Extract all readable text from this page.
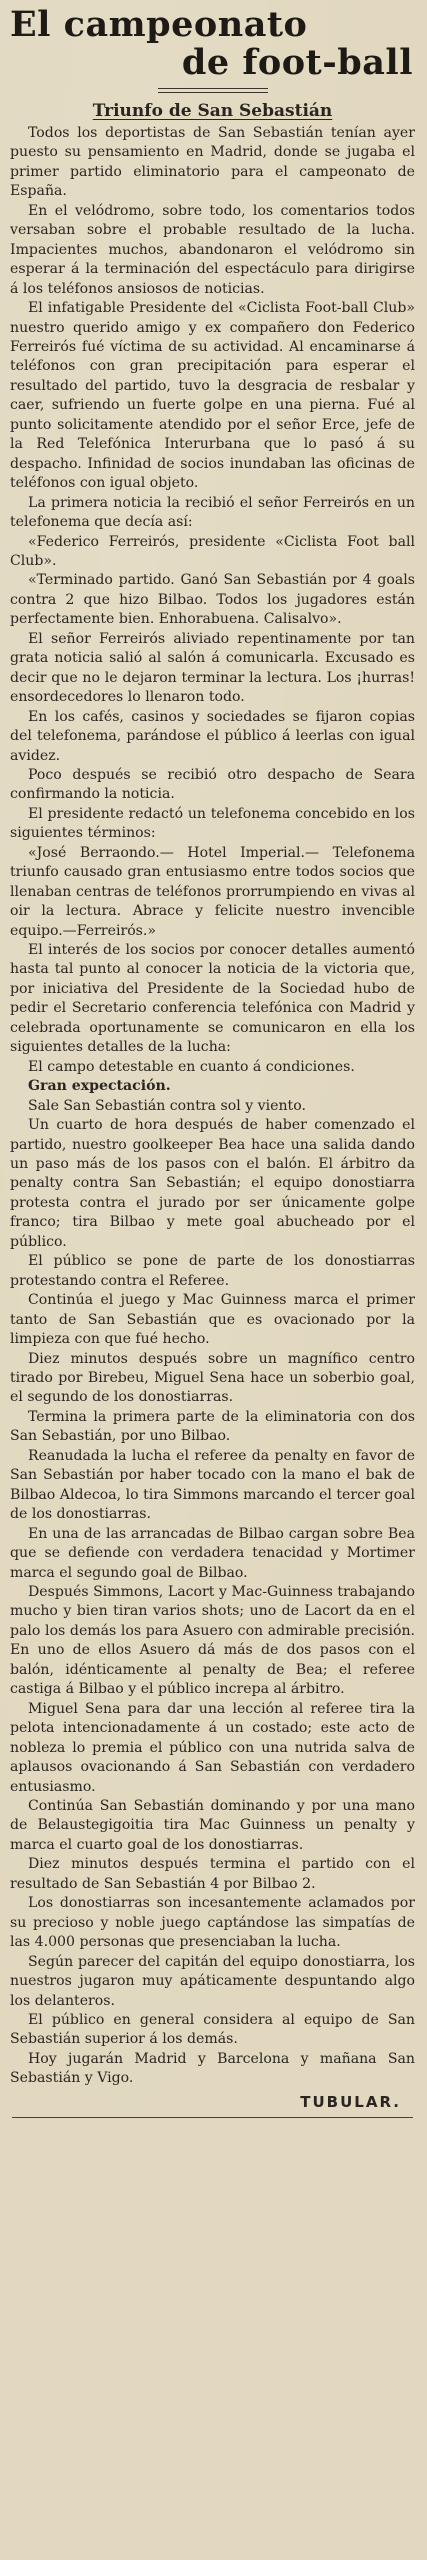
El campeonato
de foot-ball
Triunfo de San Sebastián

Todos los deportistas de San Sebastián tenían ayer puesto su pensamiento en Madrid, donde se jugaba el primer partido eliminatorio para el campeonato de España.

En el velódromo, sobre todo, los comentarios todos versaban sobre el probable resultado de la lucha. Impacientes muchos, abandonaron el velódromo sin esperar á la terminación del espectáculo para dirigirse á los teléfonos ansiosos de noticias.

El infatigable Presidente del «Ciclista Foot-ball Club» nuestro querido amigo y ex compañero don Federico Ferreirós fué víctima de su actividad. Al encaminarse á teléfonos con gran precipitación para esperar el resultado del partido, tuvo la desgracia de resbalar y caer, sufriendo un fuerte golpe en una pierna. Fué al punto solicitamente atendido por el señor Erce, jefe de la Red Telefónica Interurbana que lo pasó á su despacho. Infinidad de socios inundaban las oficinas de teléfonos con igual objeto.

La primera noticia la recibió el señor Ferreirós en un telefonema que decía así:

«Federico Ferreirós, presidente «Ciclista Foot ball Club».

«Terminado partido. Ganó San Sebastián por 4 goals contra 2 que hizo Bilbao. Todos los jugadores están perfectamente bien. Enhorabuena. Calisalvo».

El señor Ferreirós aliviado repentinamente por tan grata noticia salió al salón á comunicarla. Excusado es decir que no le dejaron terminar la lectura. Los ¡hurras! ensordecedores lo llenaron todo.

En los cafés, casinos y sociedades se fijaron copias del telefonema, parándose el público á leerlas con igual avidez.

Poco después se recibió otro despacho de Seara confirmando la noticia.

El presidente redactó un telefonema concebido en los siguientes términos:

«José Berraondo.— Hotel Imperial.— Telefonema triunfo causado gran entusiasmo entre todos socios que llenaban centras de teléfonos prorrumpiendo en vivas al oir la lectura. Abrace y felicite nuestro invencible equipo.—Ferreirós.»

El interés de los socios por conocer detalles aumentó hasta tal punto al conocer la noticia de la victoria que, por iniciativa del Presidente de la Sociedad hubo de pedir el Secretario conferencia telefónica con Madrid y celebrada oportunamente se comunicaron en ella los siguientes detalles de la lucha:

El campo detestable en cuanto á condiciones.

Gran expectación.

Sale San Sebastián contra sol y viento.

Un cuarto de hora después de haber comenzado el partido, nuestro goolkeeper Bea hace una salida dando un paso más de los pasos con el balón. El árbitro da penalty contra San Sebastián; el equipo donostiarra protesta contra el jurado por ser únicamente golpe franco; tira Bilbao y mete goal abucheado por el público.

El público se pone de parte de los donostiarras protestando contra el Referee.

Continúa el juego y Mac Guinness marca el primer tanto de San Sebastián que es ovacionado por la limpieza con que fué hecho.

Diez minutos después sobre un magnífico centro tirado por Birebeu, Miguel Sena hace un soberbio goal, el segundo de los donostiarras.

Termina la primera parte de la eliminatoria con dos San Sebastián, por uno Bilbao.

Reanudada la lucha el referee da penalty en favor de San Sebastián por haber tocado con la mano el bak de Bilbao Aldecoa, lo tira Simmons marcando el tercer goal de los donostiarras.

En una de las arrancadas de Bilbao cargan sobre Bea que se defiende con verdadera tenacidad y Mortimer marca el segundo goal de Bilbao.

Después Simmons, Lacort y Mac-Guinness trabajando mucho y bien tiran varios shots; uno de Lacort da en el palo los demás los para Asuero con admirable precisión. En uno de ellos Asuero dá más de dos pasos con el balón, idénticamente al penalty de Bea; el referee castiga á Bilbao y el público increpa al árbitro.

Miguel Sena para dar una lección al referee tira la pelota intencionadamente á un costado; este acto de nobleza lo premia el público con una nutrida salva de aplausos ovacionando á San Sebastián con verdadero entusiasmo.

Continúa San Sebastián dominando y por una mano de Belaustegigoitia tira Mac Guinness un penalty y marca el cuarto goal de los donostiarras.

Diez minutos después termina el partido con el resultado de San Sebastián 4 por Bilbao 2.

Los donostiarras son incesantemente aclamados por su precioso y noble juego captándose las simpatías de las 4.000 personas que presenciaban la lucha.

Según parecer del capitán del equipo donostiarra, los nuestros jugaron muy apáticamente despuntando algo los delanteros.

El público en general considera al equipo de San Sebastián superior á los demás.

Hoy jugarán Madrid y Barcelona y mañana San Sebastián y Vigo.

TUBULAR.
